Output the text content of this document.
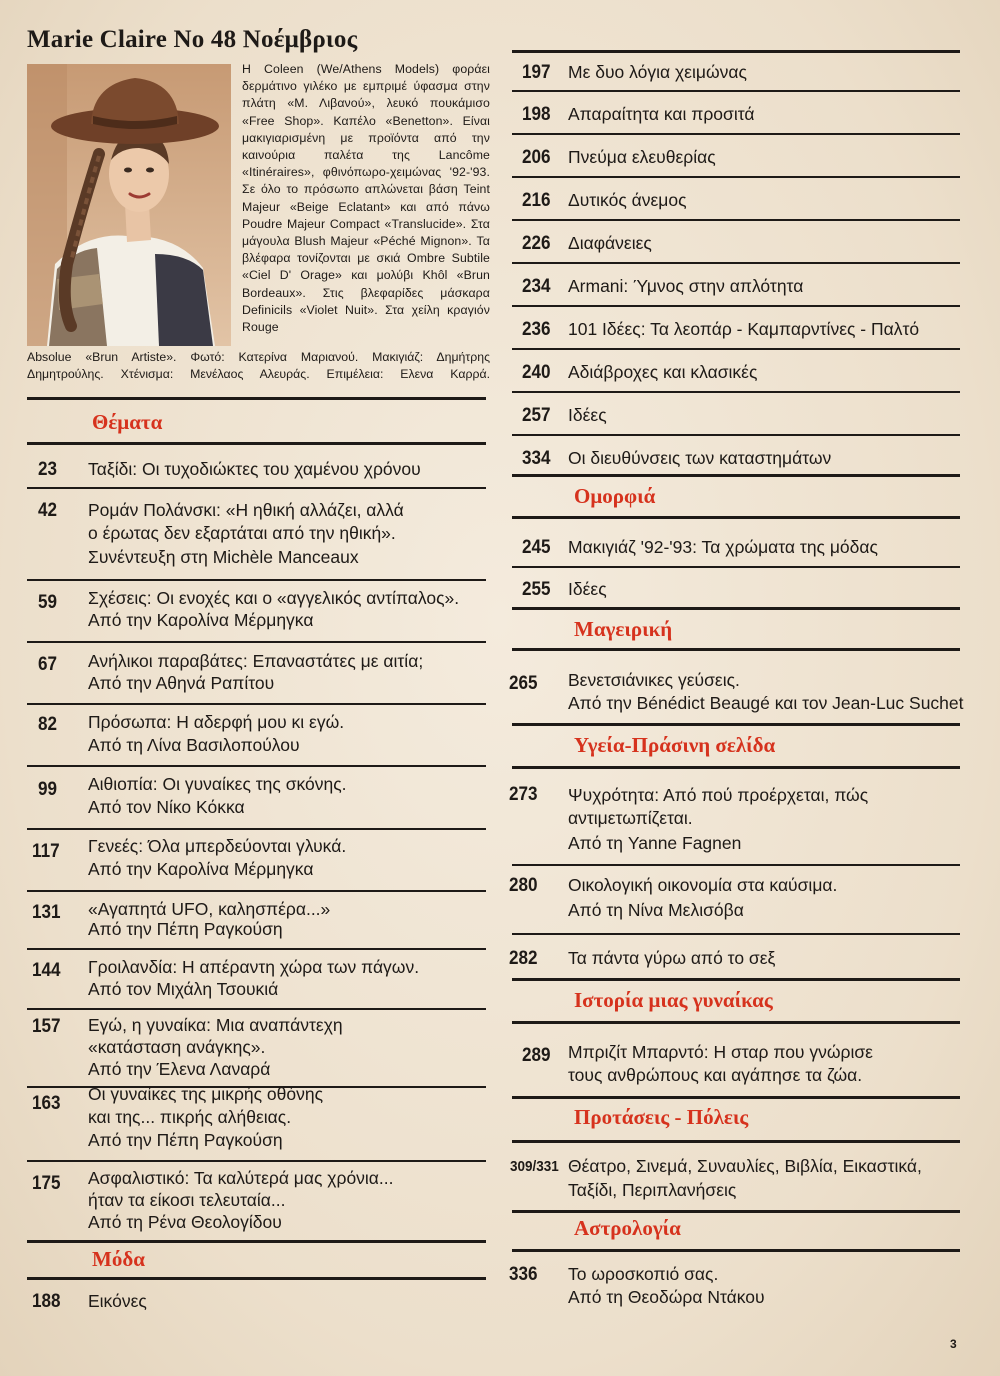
Marie Claire No 48 Νοέμβριος

Η Coleen (We/Athens Models) φοράει δερμάτινο γιλέκο με εμπριμέ ύφασμα στην πλάτη «Μ. Λιβανού», λευκό πουκάμισο «Free Shop». Καπέλο «Benetton». Είναι μακιγιαρισμένη με προϊόντα από την καινούρια παλέτα της Lancôme «Itinéraires», φθινόπωρο-χειμώνας '92-'93. Σε όλο το πρόσωπο απλώνεται βάση Teint Majeur «Beige Eclatant» και από πάνω Poudre Majeur Compact «Translucide». Στα μάγουλα Blush Majeur «Péché Mignon». Τα βλέφαρα τονίζονται με σκιά Ombre Subtile «Ciel D' Orage» και μολύβι Khôl «Brun Bordeaux». Στις βλεφαρίδες μάσκαρα Definicils «Violet Nuit». Στα χείλη κραγιόν Rouge

Absolue «Brun Artiste». Φωτό: Κατερίνα Μαριανού. Μακιγιάζ: Δημήτρης Δημητρούλης. Χτένισμα: Μενέλαος Αλευράς. Επιμέλεια: Ελενα Καρρά.

Θέματα
23 Ταξίδι: Οι τυχοδιώκτες του χαμένου χρόνου
42 Ρομάν Πολάνσκι: «Η ηθική αλλάζει, αλλά
ο έρωτας δεν εξαρτάται από την ηθική».
Συνέντευξη στη Michèle Manceaux
59 Σχέσεις: Οι ενοχές και ο «αγγελικός αντίπαλος».
Από την Καρολίνα Μέρμηγκα
67 Ανήλικοι παραβάτες: Επαναστάτες με αιτία;
Από την Αθηνά Ραπίτου
82 Πρόσωπα: Η αδερφή μου κι εγώ.
Από τη Λίνα Βασιλοπούλου
99 Αιθιοπία: Οι γυναίκες της σκόνης.
Από τον Νίκο Κόκκα
117 Γενεές: Όλα μπερδεύονται γλυκά.
Από την Καρολίνα Μέρμηγκα
131 «Αγαπητά UFO, καλησπέρα...»
Από την Πέπη Ραγκούση
144 Γροιλανδία: Η απέραντη χώρα των πάγων.
Από τον Μιχάλη Τσουκιά
157 Εγώ, η γυναίκα: Μια αναπάντεχη
«κατάσταση ανάγκης».
Από την Έλενα Λαναρά
163 Οι γυναίκες της μικρής οθόνης
και της... πικρής αλήθειας.
Από την Πέπη Ραγκούση
175 Ασφαλιστικό: Τα καλύτερά μας χρόνια...
ήταν τα είκοσι τελευταία...
Από τη Ρένα Θεολογίδου
Μόδα
188 Εικόνες
197 Με δυο λόγια χειμώνας
198 Απαραίτητα και προσιτά
206 Πνεύμα ελευθερίας
216 Δυτικός άνεμος
226 Διαφάνειες
234 Armani: Ύμνος στην απλότητα
236 101 Ιδέες: Τα λεοπάρ - Καμπαρντίνες - Παλτό
240 Αδιάβροχες και κλασικές
257 Ιδέες
334 Οι διευθύνσεις των καταστημάτων
Ομορφιά
245 Μακιγιάζ '92-'93: Τα χρώματα της μόδας
255 Ιδέες
Μαγειρική
265 Βενετσιάνικες γεύσεις.
Από την Bénédict Beaugé και τον Jean-Luc Suchet
Υγεία-Πράσινη σελίδα
273 Ψυχρότητα: Από πού προέρχεται, πώς
αντιμετωπίζεται.
Από τη Yanne Fagnen
280 Οικολογική οικονομία στα καύσιμα.
Από τη Νίνα Μελισόβα
282 Τα πάντα γύρω από το σεξ
Ιστορία μιας γυναίκας
289 Μπριζίτ Μπαρντό: Η σταρ που γνώρισε
τους ανθρώπους και αγάπησε τα ζώα.
Προτάσεις - Πόλεις
309/331 Θέατρο, Σινεμά, Συναυλίες, Βιβλία, Εικαστικά,
Ταξίδι, Περιπλανήσεις
Αστρολογία
336 Το ωροσκοπιό σας.
Από τη Θεοδώρα Ντάκου
3
